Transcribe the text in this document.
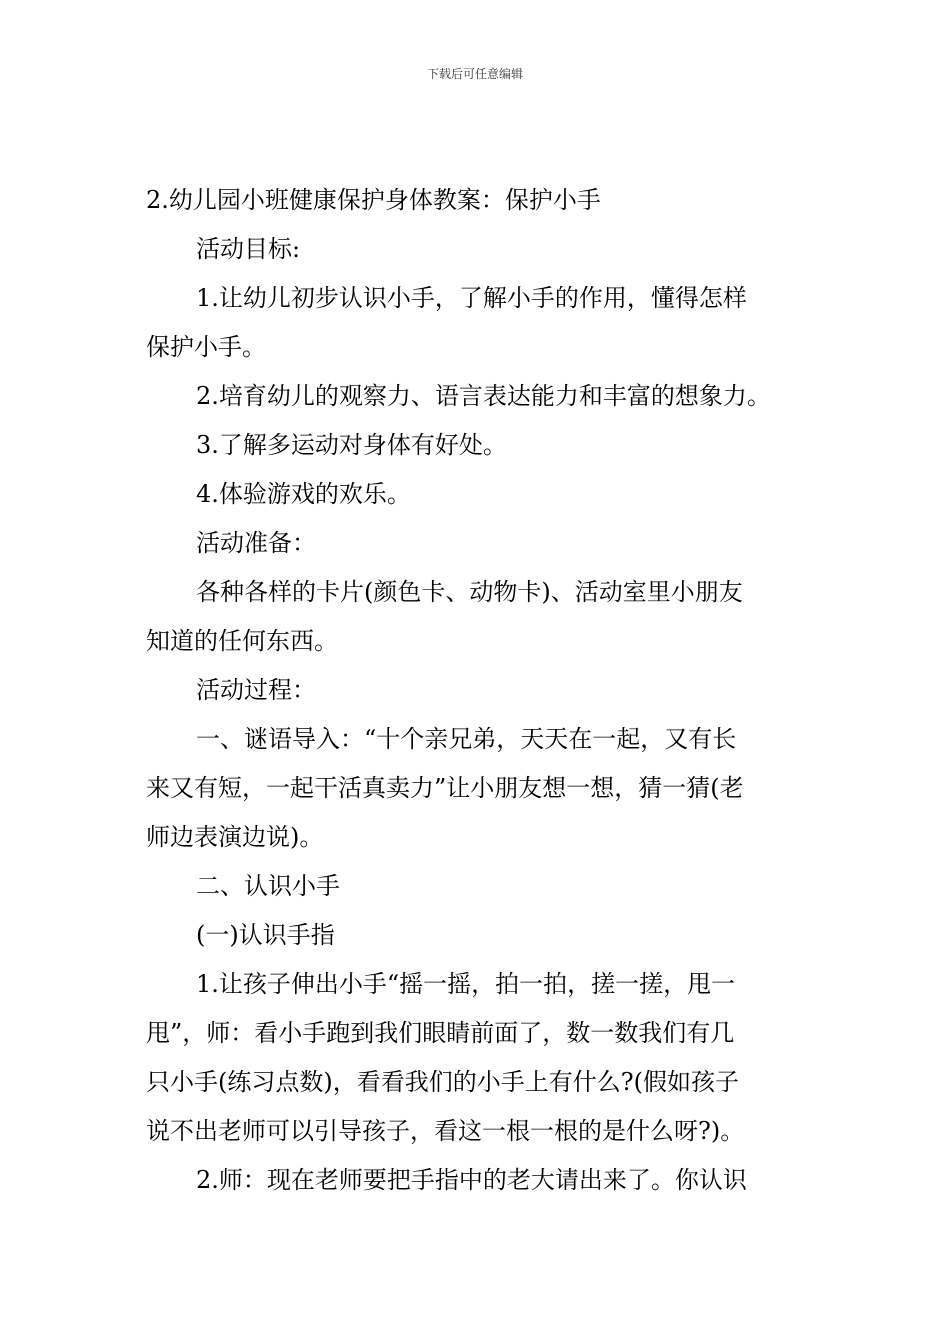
下载后可任意编辑

2.幼儿园小班健康保护身体教案：保护小手

活动目标:

1.让幼儿初步认识小手，了解小手的作用，懂得怎样

保护小手。

2.培育幼儿的观察力、语言表达能力和丰富的想象力。

3.了解多运动对身体有好处。

4.体验游戏的欢乐。

活动准备：

各种各样的卡片(颜色卡、动物卡)、活动室里小朋友

知道的任何东西。

活动过程：

一、谜语导入：“十个亲兄弟，天天在一起，又有长

来又有短，一起干活真卖力”让小朋友想一想，猜一猜(老

师边表演边说)。

二、认识小手

(一)认识手指

1.让孩子伸出小手“摇一摇，拍一拍，搓一搓，甩一

甩”，师：看小手跑到我们眼睛前面了，数一数我们有几

只小手(练习点数)，看看我们的小手上有什么?(假如孩子

说不出老师可以引导孩子，看这一根一根的是什么呀?)。

2.师：现在老师要把手指中的老大请出来了。你认识
